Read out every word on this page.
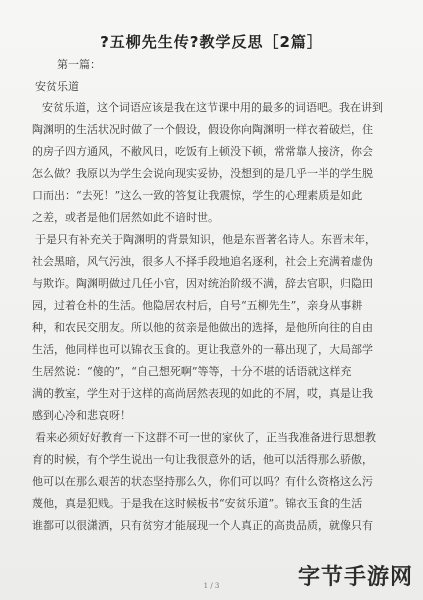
?五柳先生传?教学反思［2篇］
第一篇：
安贫乐道
安贫乐道，这个词语应该是我在这节课中用的最多的词语吧。我在讲到
陶渊明的生活状况时做了一个假设，假设你向陶渊明一样衣着破烂，住
的房子四方通风，不敝风日，吃饭有上顿没下顿，常常靠人接济，你会
怎么做？我原以为学生会说向现实妥协，没想到的是几乎一半的学生脱
口而出：“去死！”这么一致的答复让我震惊，学生的心理素质是如此
之差，或者是他们居然如此不谙时世。
于是只有补充关于陶渊明的背景知识，他是东晋著名诗人。东晋末年，
社会黑暗，风气污浊，很多人不择手段地追名逐利，社会上充满着虚伪
与欺诈。陶渊明做过几任小官，因对统治阶级不满，辞去官职，归隐田
园，过着仓朴的生活。他隐居农村后，自号“五柳先生”，亲身从事耕
种，和农民交朋友。所以他的贫亲是他做出的选择，是他所向往的自由
生活，他同样也可以锦衣玉食的。更让我意外的一幕出现了，大局部学
生居然说：“傻的”，“自己想死啊”等等，十分不堪的话语就这样充
满的教室，学生对于这样的高尚居然表现的如此的不屑，哎，真是让我
感到心冷和悲哀呀！
看来必须好好教育一下这群不可一世的家伙了，正当我准备进行思想教
育的时候，有个学生说出一句让我很意外的话，他可以活得那么骄傲，
他可以在那么艰苦的状态坚持那么久，你们可以吗？有什么资格这么污
蔑他，真是犯贱。于是我在这时候板书“安贫乐道”。锦衣玉食的生活
谁都可以很潇洒，只有贫穷才能展现一个人真正的高贵品质，就像只有
1 / 3	字节手游网
